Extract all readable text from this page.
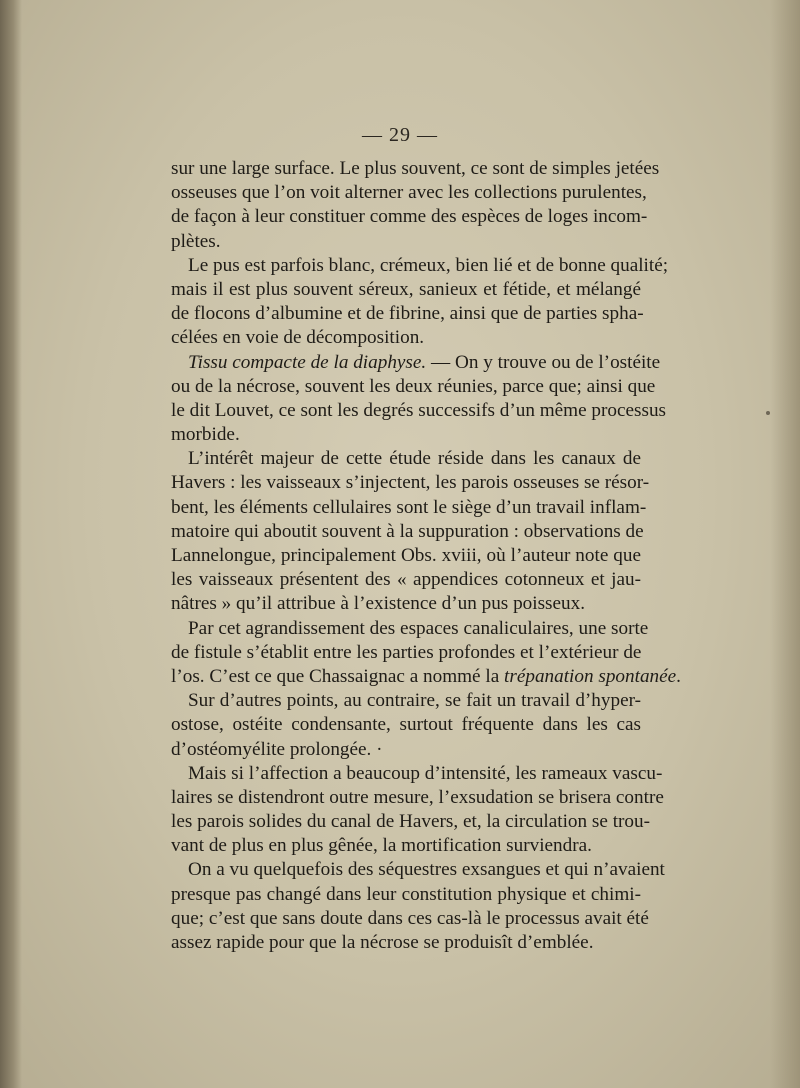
— 29 —
sur une large surface. Le plus souvent, ce sont de simples jetées
osseuses que l’on voit alterner avec les collections purulentes,
de façon à leur constituer comme des espèces de loges incom-
plètes.
Le pus est parfois blanc, crémeux, bien lié et de bonne qualité;
mais il est plus souvent séreux, sanieux et fétide, et mélangé
de flocons d’albumine et de fibrine, ainsi que de parties spha-
célées en voie de décomposition.
Tissu compacte de la diaphyse. — On y trouve ou de l’ostéite
ou de la nécrose, souvent les deux réunies, parce que; ainsi que
le dit Louvet, ce sont les degrés successifs d’un même processus
morbide.
L’intérêt majeur de cette étude réside dans les canaux de
Havers : les vaisseaux s’injectent, les parois osseuses se résor-
bent, les éléments cellulaires sont le siège d’un travail inflam-
matoire qui aboutit souvent à la suppuration : observations de
Lannelongue, principalement Obs. xviii, où l’auteur note que
les vaisseaux présentent des « appendices cotonneux et jau-
nâtres » qu’il attribue à l’existence d’un pus poisseux.
Par cet agrandissement des espaces canaliculaires, une sorte
de fistule s’établit entre les parties profondes et l’extérieur de
l’os. C’est ce que Chassaignac a nommé la trépanation spontanée.
Sur d’autres points, au contraire, se fait un travail d’hyper-
ostose, ostéite condensante, surtout fréquente dans les cas
d’ostéomyélite prolongée. ·
Mais si l’affection a beaucoup d’intensité, les rameaux vascu-
laires se distendront outre mesure, l’exsudation se brisera contre
les parois solides du canal de Havers, et, la circulation se trou-
vant de plus en plus gênée, la mortification surviendra.
On a vu quelquefois des séquestres exsangues et qui n’avaient
presque pas changé dans leur constitution physique et chimi-
que; c’est que sans doute dans ces cas-là le processus avait été
assez rapide pour que la nécrose se produisît d’emblée.
